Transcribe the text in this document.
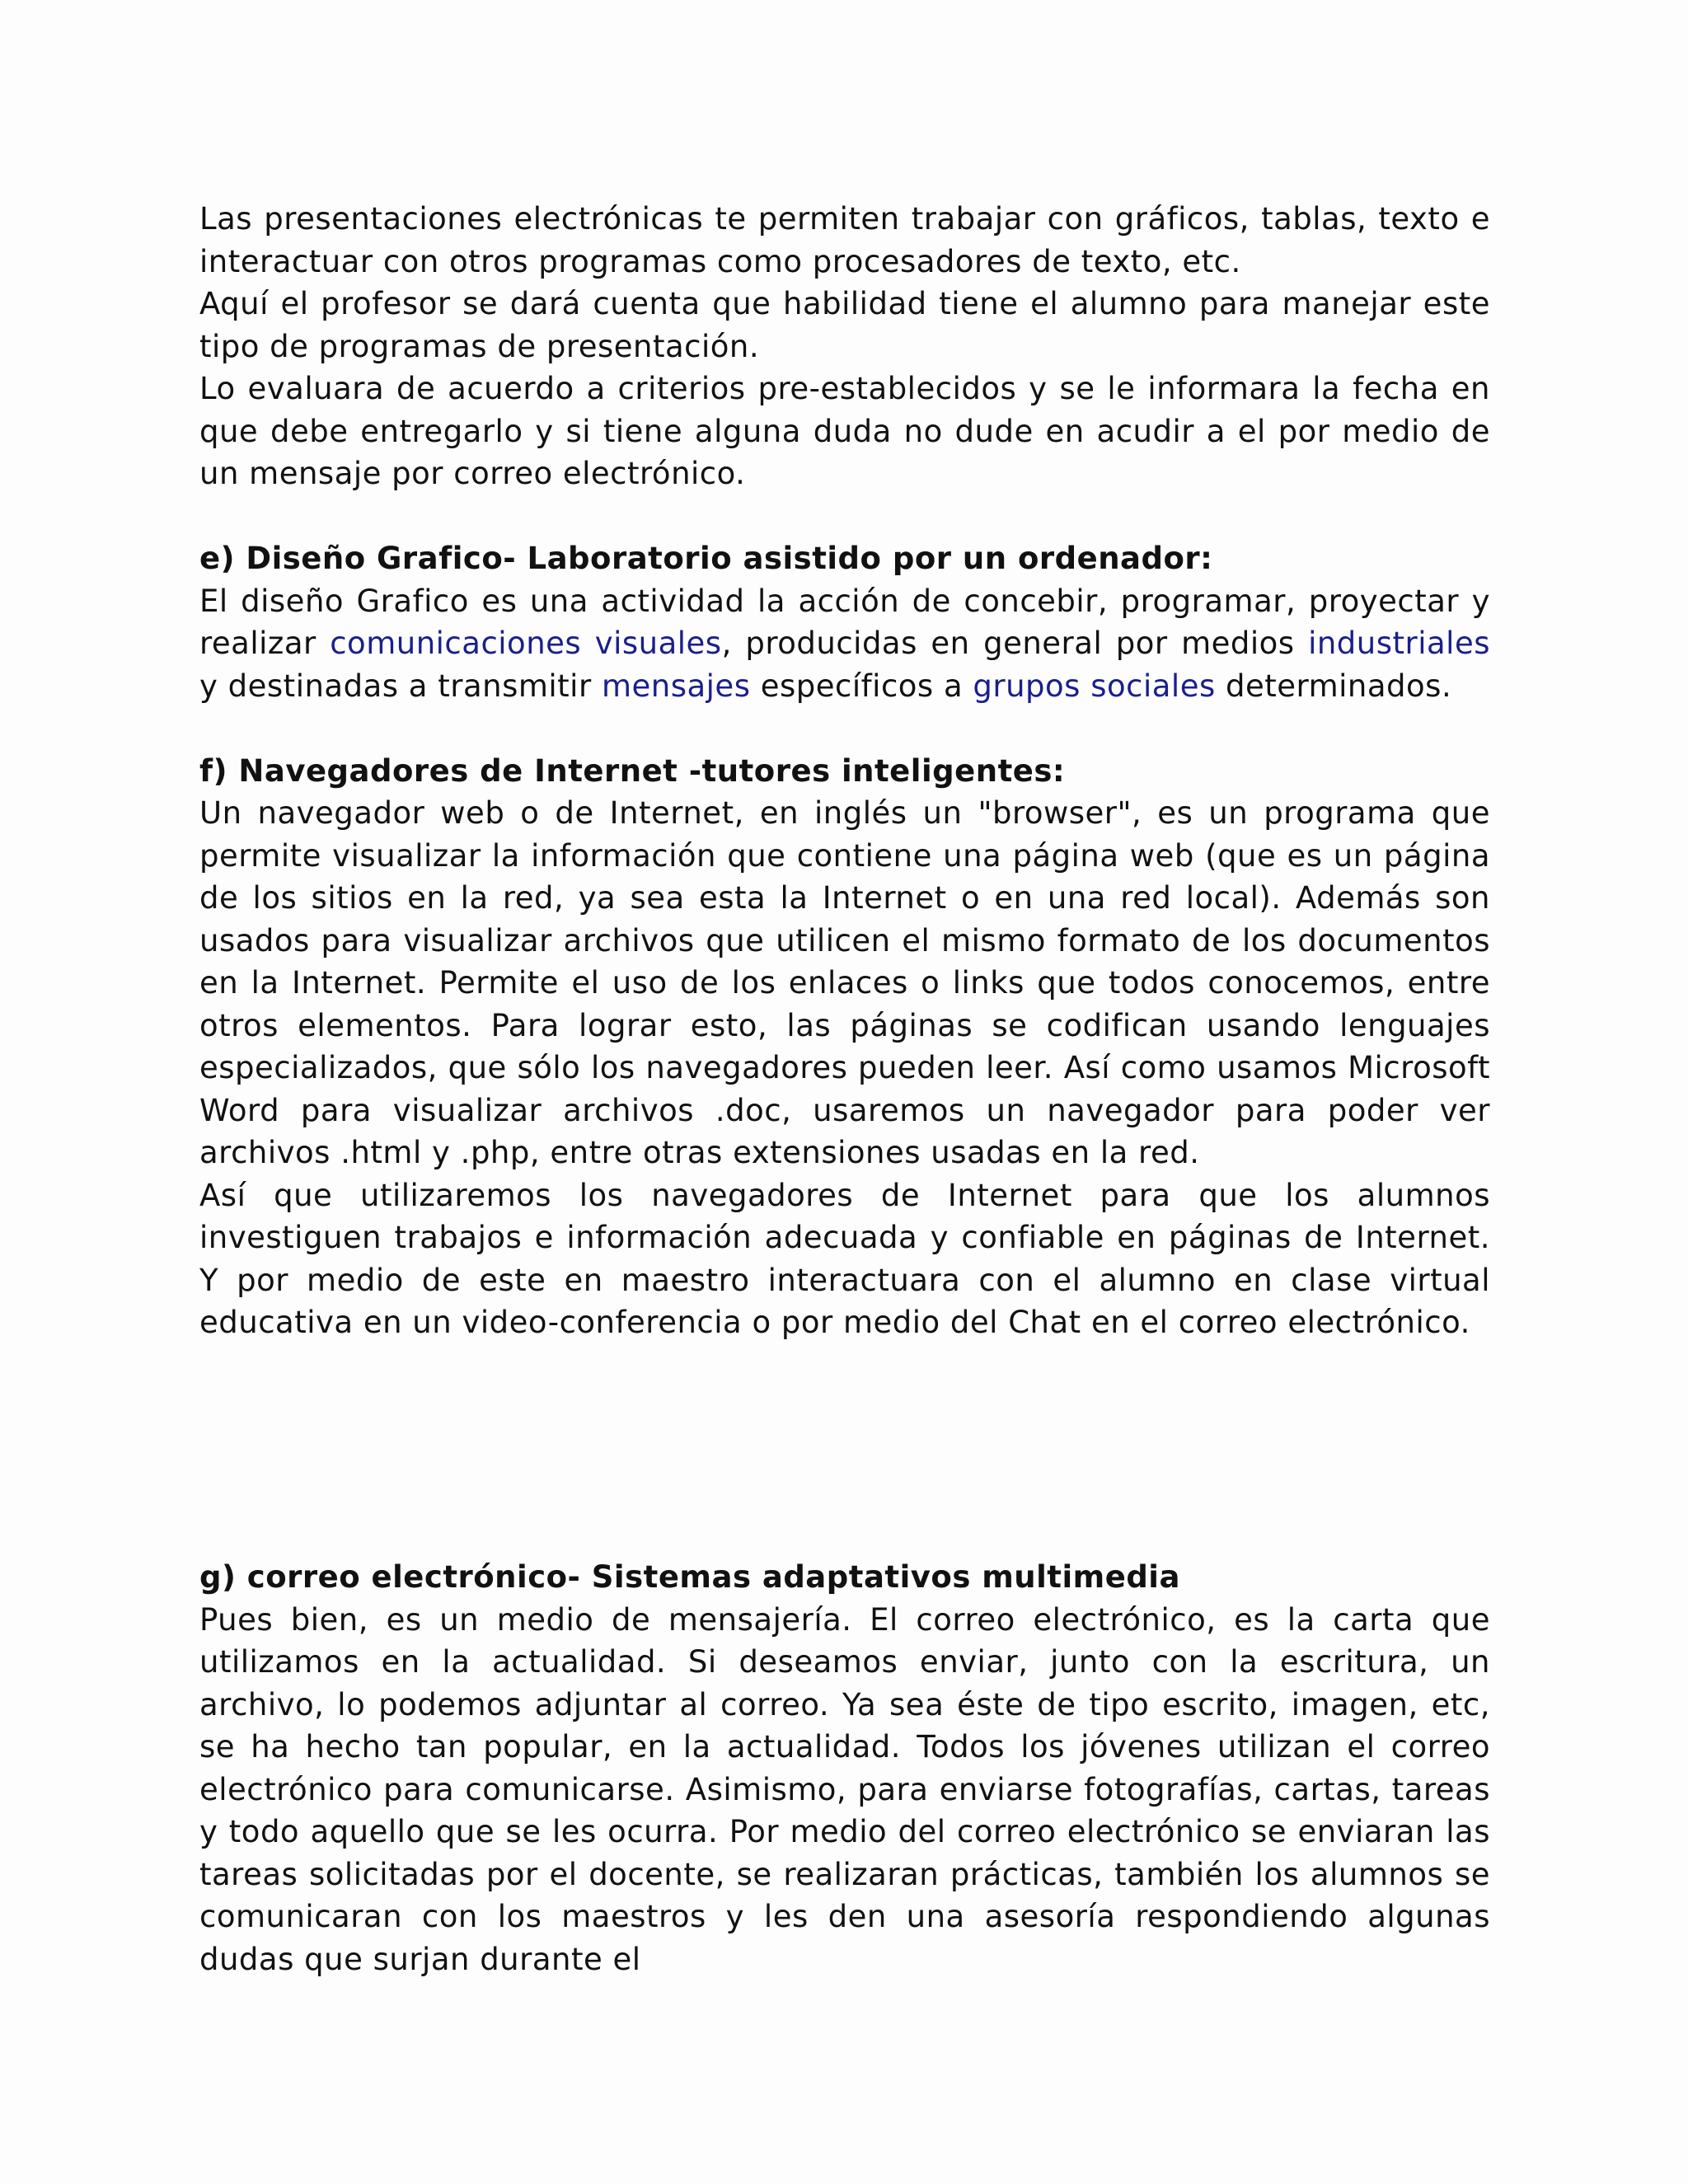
Las presentaciones electrónicas te permiten trabajar con gráficos, tablas, texto e interactuar con otros programas como procesadores de texto, etc.

Aquí el profesor se dará cuenta que habilidad tiene el alumno para manejar este tipo de programas de presentación.

Lo evaluara de acuerdo a criterios pre-establecidos y se le informara la fecha en que debe entregarlo y si tiene alguna duda no dude en acudir a el por medio de un mensaje por correo electrónico.

e) Diseño Grafico- Laboratorio asistido por un ordenador:

El diseño Grafico es una actividad la acción de concebir, programar, proyectar y realizar comunicaciones visuales, producidas en general por medios industriales y destinadas a transmitir mensajes específicos a grupos sociales determinados.

f) Navegadores de Internet -tutores inteligentes:

Un navegador web o de Internet, en inglés un "browser", es un programa que permite visualizar la información que contiene una página web (que es un página de los sitios en la red, ya sea esta la Internet o en una red local). Además son usados para visualizar archivos que utilicen el mismo formato de los documentos en la Internet. Permite el uso de los enlaces o links que todos conocemos, entre otros elementos. Para lograr esto, las páginas se codifican usando lenguajes especializados, que sólo los navegadores pueden leer. Así como usamos Microsoft Word para visualizar archivos .doc, usaremos un navegador para poder ver archivos .html y .php, entre otras extensiones usadas en la red.

Así que utilizaremos los navegadores de Internet para que los alumnos investiguen trabajos e información adecuada y confiable en páginas de Internet. Y por medio de este en maestro interactuara con el alumno en clase virtual educativa en un video-conferencia o por medio del Chat en el correo electrónico.

g) correo electrónico- Sistemas adaptativos multimedia

Pues bien, es un medio de mensajería. El correo electrónico, es la carta que utilizamos en la actualidad. Si deseamos enviar, junto con la escritura, un archivo, lo podemos adjuntar al correo. Ya sea éste de tipo escrito, imagen, etc, se ha hecho tan popular, en la actualidad. Todos los jóvenes utilizan el correo electrónico para comunicarse. Asimismo, para enviarse fotografías, cartas, tareas y todo aquello que se les ocurra. Por medio del correo electrónico se enviaran las tareas solicitadas por el docente, se realizaran prácticas, también los alumnos se comunicaran con los maestros y les den una asesoría respondiendo algunas dudas que surjan durante el
